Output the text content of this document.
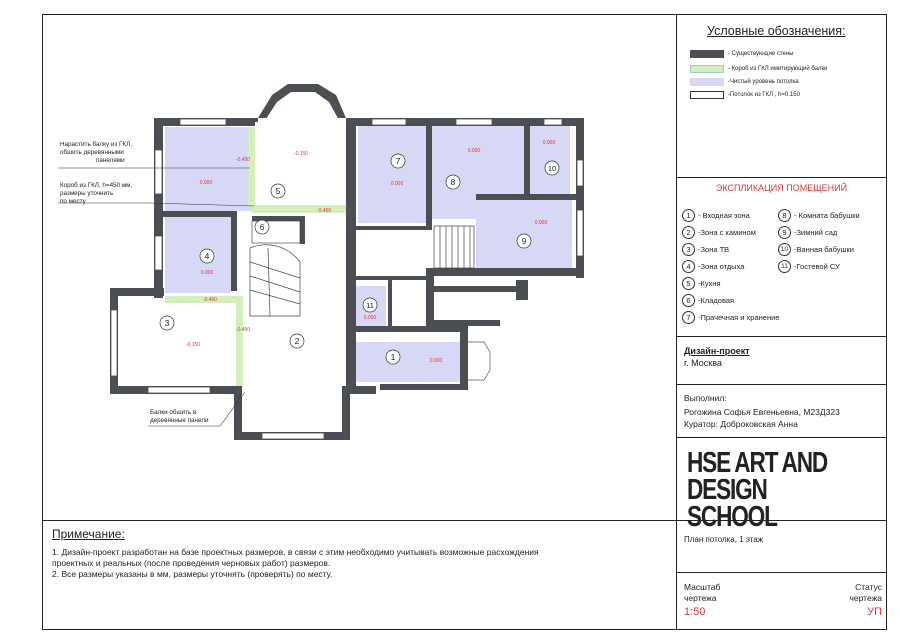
Условные обозначения:
- Существующие стены
- Короб из ГКЛ имитирующий балки
-Чистый уровень потолка
-Потолок из ГКЛ , h=0.150
ЭКСПЛИКАЦИЯ ПОМЕЩЕНИЙ
1 - Входная зона
2 -Зона с камином
3 -Зона ТВ
4 -Зона отдыха
5 -Кухня
6 -Кладовая
7 -Прачечная и хранение
8 - Комната бабушки
9 -Зимний сад
10 -Ванная бабушки
11 -Гостевой СУ
Дизайн-проект
г. Москва
Выполнил:
Рогожина Софья Евгеньевна, М23Д323
Куратор: Доброковская Анна
HSE ART AND
DESIGN SCHOOL
План потолка, 1 этаж
Масштаб
чертежа
1:50
Статус
чертежа
УП
Примечание:
1. Дизайн-проект разработан на базе проектных размеров, в связи с этим необходимо учитывать возможные расхождения
проектных и реальных (после проведения черновых работ) размеров.
2. Все размеры указаны в мм, размеры уточнять (проверять) по месту.
1
2
3
4
5
6
7
8
9
10
11
0.000
0.000
0.000
0.000
0.000
0.000
0.000
0.000
-0.150
-0.150
-0.450
-0.450
-0.450
-0.450
Нарастить балку из ГКЛ,
обшить деревянными
панелями
Короб из ГКЛ, h=450 мм,
размеры уточнить
по месту
Балки обшить в
деревянные панели
